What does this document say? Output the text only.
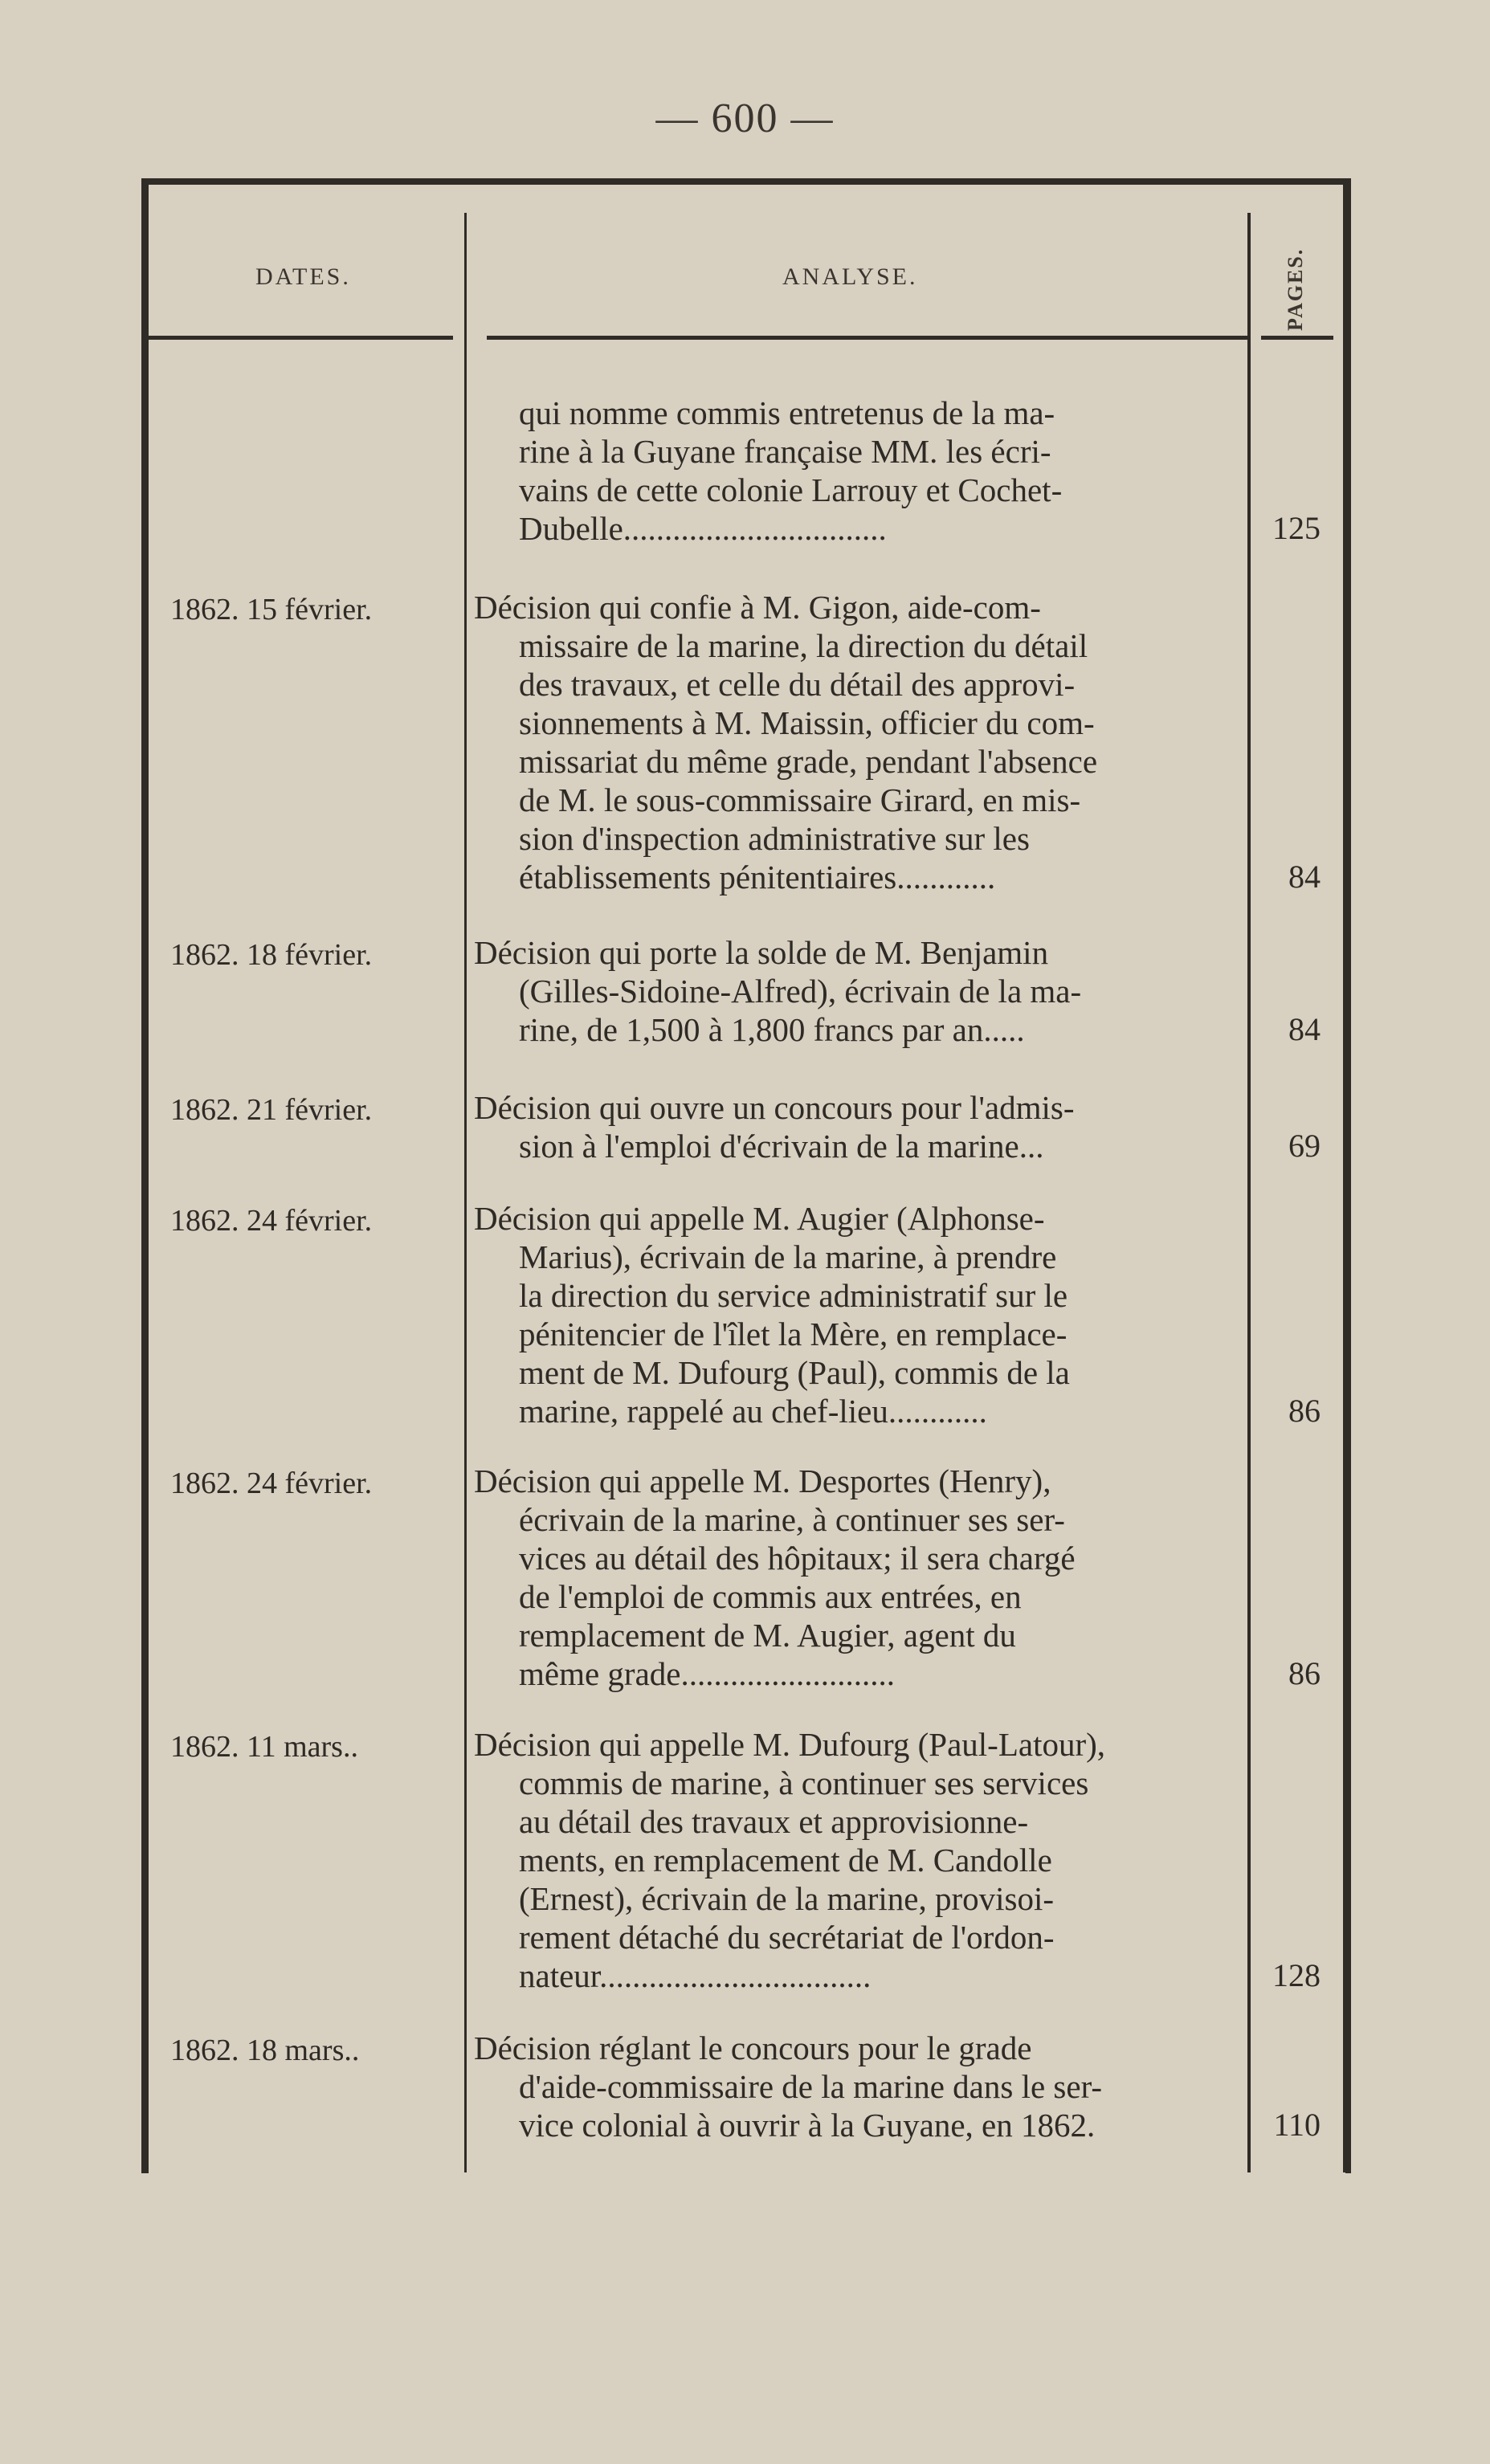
— 600 —
DATES.	ANALYSE.	PAGES.
qui nomme commis entretenus de la ma-
rine à la Guyane française MM. les écri-
vains de cette colonie Larrouy et Cochet-
Dubelle................................	125
1862. 15 février.	Décision qui confie à M. Gigon, aide-com-
missaire de la marine, la direction du détail
des travaux, et celle du détail des approvi-
sionnements à M. Maissin, officier du com-
missariat du même grade, pendant l'absence
de M. le sous-commissaire Girard, en mis-
sion d'inspection administrative sur les
établissements pénitentiaires............	84
1862. 18 février.	Décision qui porte la solde de M. Benjamin
(Gilles-Sidoine-Alfred), écrivain de la ma-
rine, de 1,500 à 1,800 francs par an.....	84
1862. 21 février.	Décision qui ouvre un concours pour l'admis-
sion à l'emploi d'écrivain de la marine...	69
1862. 24 février.	Décision qui appelle M. Augier (Alphonse-
Marius), écrivain de la marine, à prendre
la direction du service administratif sur le
pénitencier de l'îlet la Mère, en remplace-
ment de M. Dufourg (Paul), commis de la
marine, rappelé au chef-lieu............	86
1862. 24 février.	Décision qui appelle M. Desportes (Henry),
écrivain de la marine, à continuer ses ser-
vices au détail des hôpitaux; il sera chargé
de l'emploi de commis aux entrées, en
remplacement de M. Augier, agent du
même grade..........................	86
1862. 11 mars..	Décision qui appelle M. Dufourg (Paul-Latour),
commis de marine, à continuer ses services
au détail des travaux et approvisionne-
ments, en remplacement de M. Candolle
(Ernest), écrivain de la marine, provisoi-
rement détaché du secrétariat de l'ordon-
nateur.................................	128
1862. 18 mars..	Décision réglant le concours pour le grade
d'aide-commissaire de la marine dans le ser-
vice colonial à ouvrir à la Guyane, en 1862.	110
